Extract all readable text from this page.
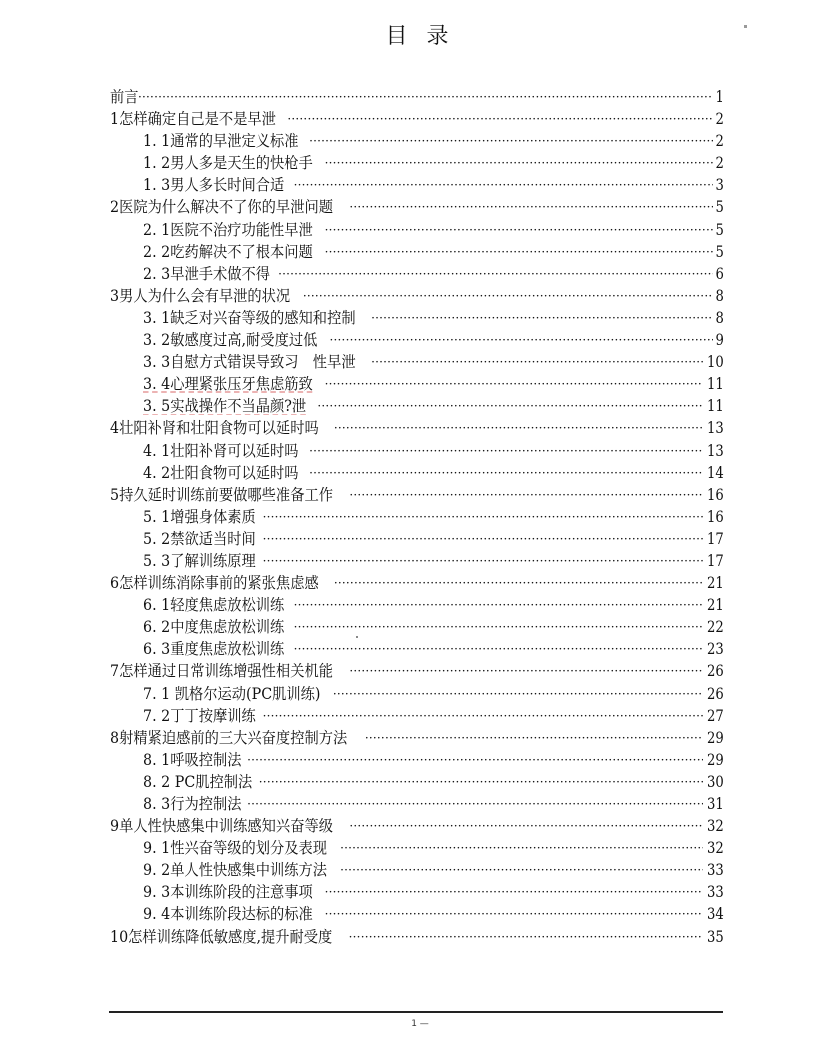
目 录
前言 ·····	1
1怎样确定自己是不是早泄 ·····	2
1. 1通常的早泄定义标准 ·····	2
1. 2男人多是天生的快枪手 ·····	2
1. 3男人多长时间合适 ·····	3
2医院为什么解决不了你的早泄问题 ·····	5
2. 1医院不治疗功能性早泄 ·····	5
2. 2吃药解决不了根本问题 ·····	5
2. 3早泄手术做不得 ·····	6
3男人为什么会有早泄的状况 ·····	8
3. 1缺乏对兴奋等级的感知和控制 ·····	8
3. 2敏感度过高,耐受度过低 ·····	9
3. 3自慰方式错误导致习　性早泄 ·····	10
3. 4心理紧张压牙焦虑筋致 ·····	11
3. 5实战操作不当晶颜?泄 ·····	11
4壮阳补肾和壮阳食物可以延时吗 ·····	13
4. 1壮阳补肾可以延时吗 ·····	13
4. 2壮阳食物可以延时吗 ·····	14
5持久延时训练前要做哪些准备工作 ·····	16
5. 1增强身体素质 ·····	16
5. 2禁欲适当时间 ·····	17
5. 3了解训练原理 ·····	17
6怎样训练消除事前的紧张焦虑感 ·····	21
6. 1轻度焦虑放松训练 ·····	21
6. 2中度焦虑放松训练 ·····	22
6. 3重度焦虑放松训练 ·····	23
7怎样通过日常训练增强性相关机能 ·····	26
7. 1 凯格尔运动(PC肌训练) ·····	26
7. 2丁丁按摩训练 ·····	27
8射精紧迫感前的三大兴奋度控制方法 ·····	29
8. 1呼吸控制法 ·····	29
8. 2 PC肌控制法 ·····	30
8. 3行为控制法 ·····	31
9单人性快感集中训练感知兴奋等级 ·····	32
9. 1性兴奋等级的划分及表现 ·····	32
9. 2单人性快感集中训练方法 ·····	33
9. 3本训练阶段的注意事项 ·····	33
9. 4本训练阶段达标的标准 ·····	34
10怎样训练降低敏感度,提升耐受度 ·····	35
1 —
